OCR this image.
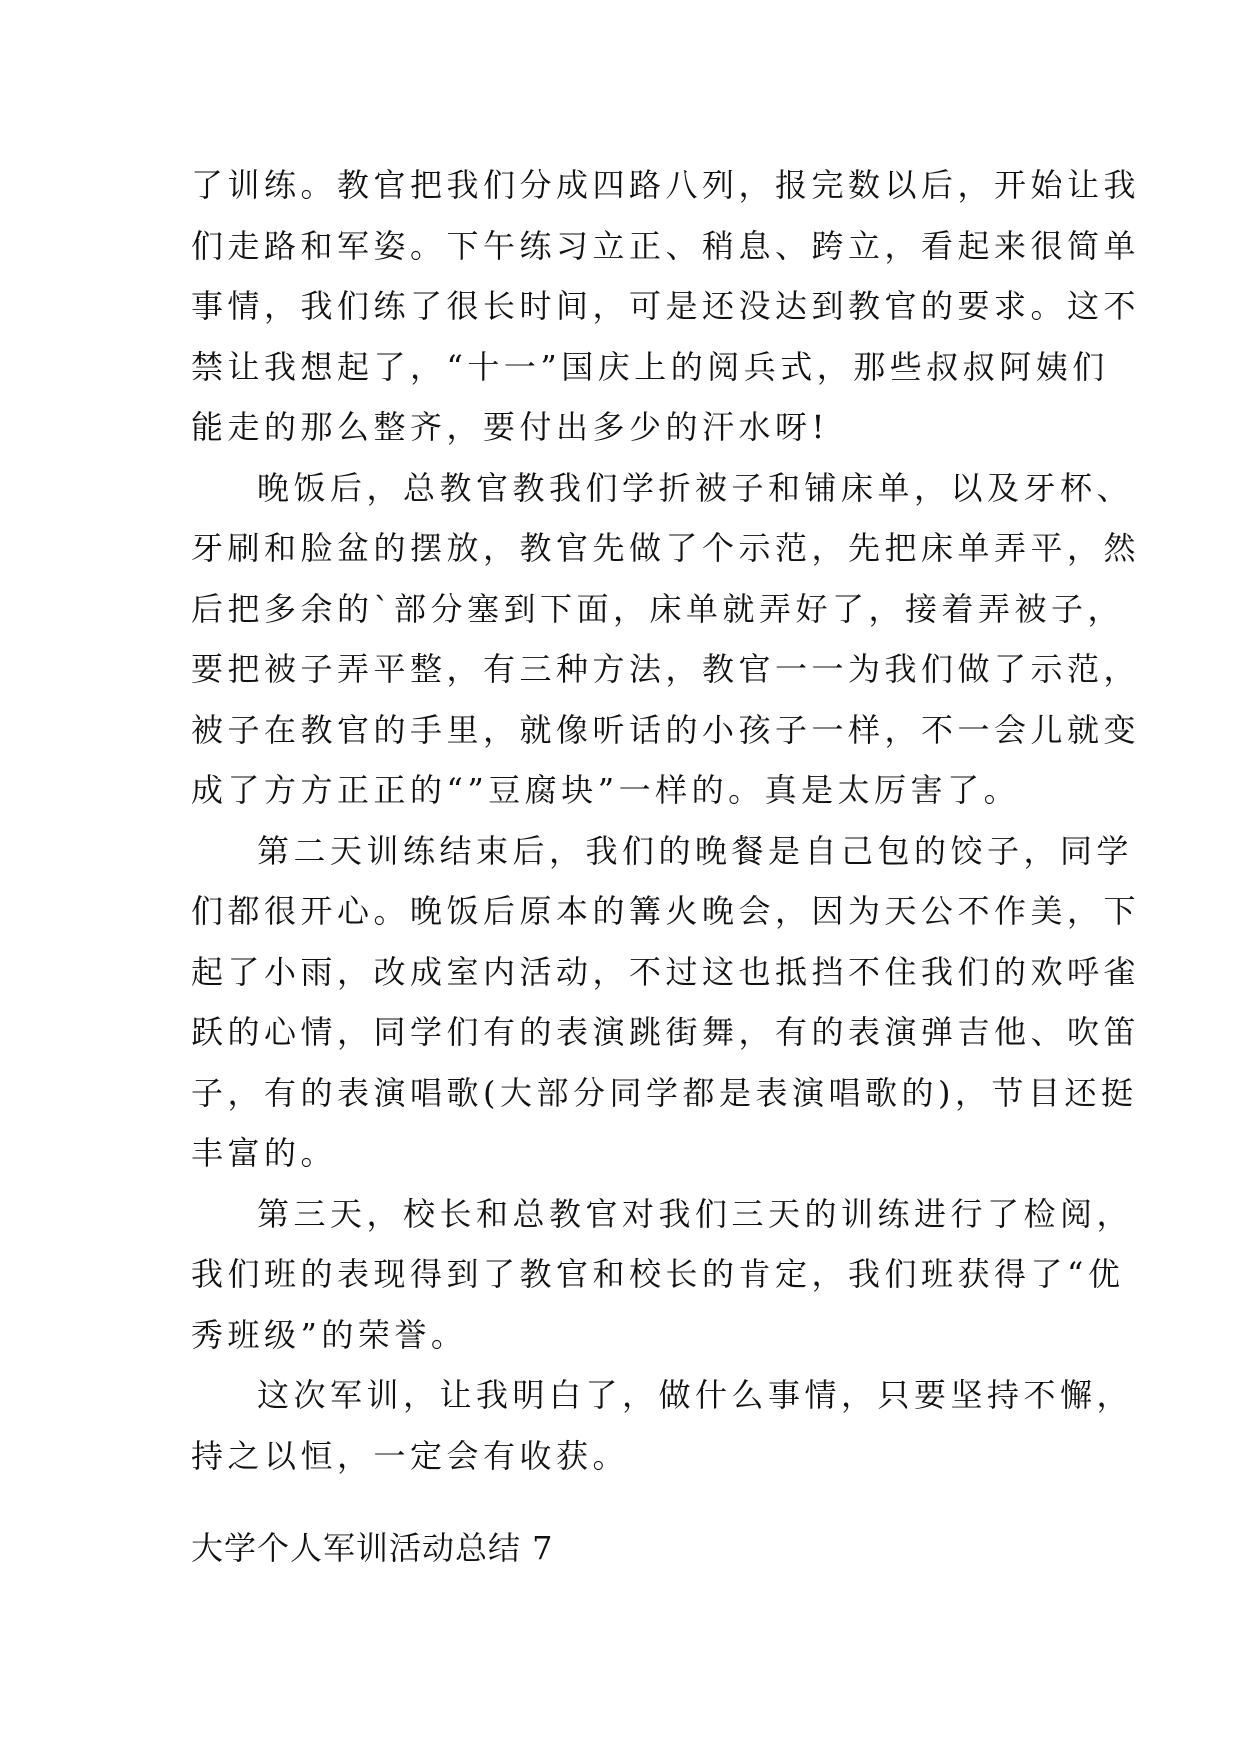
了训练。教官把我们分成四路八列，报完数以后，开始让我
们走路和军姿。下午练习立正、稍息、跨立，看起来很简单
事情，我们练了很长时间，可是还没达到教官的要求。这不
禁让我想起了，“十一”国庆上的阅兵式，那些叔叔阿姨们
能走的那么整齐，要付出多少的汗水呀!
晚饭后，总教官教我们学折被子和铺床单，以及牙杯、
牙刷和脸盆的摆放，教官先做了个示范，先把床单弄平，然
后把多余的`部分塞到下面，床单就弄好了，接着弄被子，
要把被子弄平整，有三种方法，教官一一为我们做了示范，
被子在教官的手里，就像听话的小孩子一样，不一会儿就变
成了方方正正的“”豆腐块”一样的。真是太厉害了。
第二天训练结束后，我们的晚餐是自己包的饺子，同学
们都很开心。晚饭后原本的篝火晚会，因为天公不作美，下
起了小雨，改成室内活动，不过这也抵挡不住我们的欢呼雀
跃的心情，同学们有的表演跳街舞，有的表演弹吉他、吹笛
子，有的表演唱歌(大部分同学都是表演唱歌的)，节目还挺
丰富的。
第三天，校长和总教官对我们三天的训练进行了检阅，
我们班的表现得到了教官和校长的肯定，我们班获得了“优
秀班级”的荣誉。
这次军训，让我明白了，做什么事情，只要坚持不懈，
持之以恒，一定会有收获。
大学个人军训活动总结 7
